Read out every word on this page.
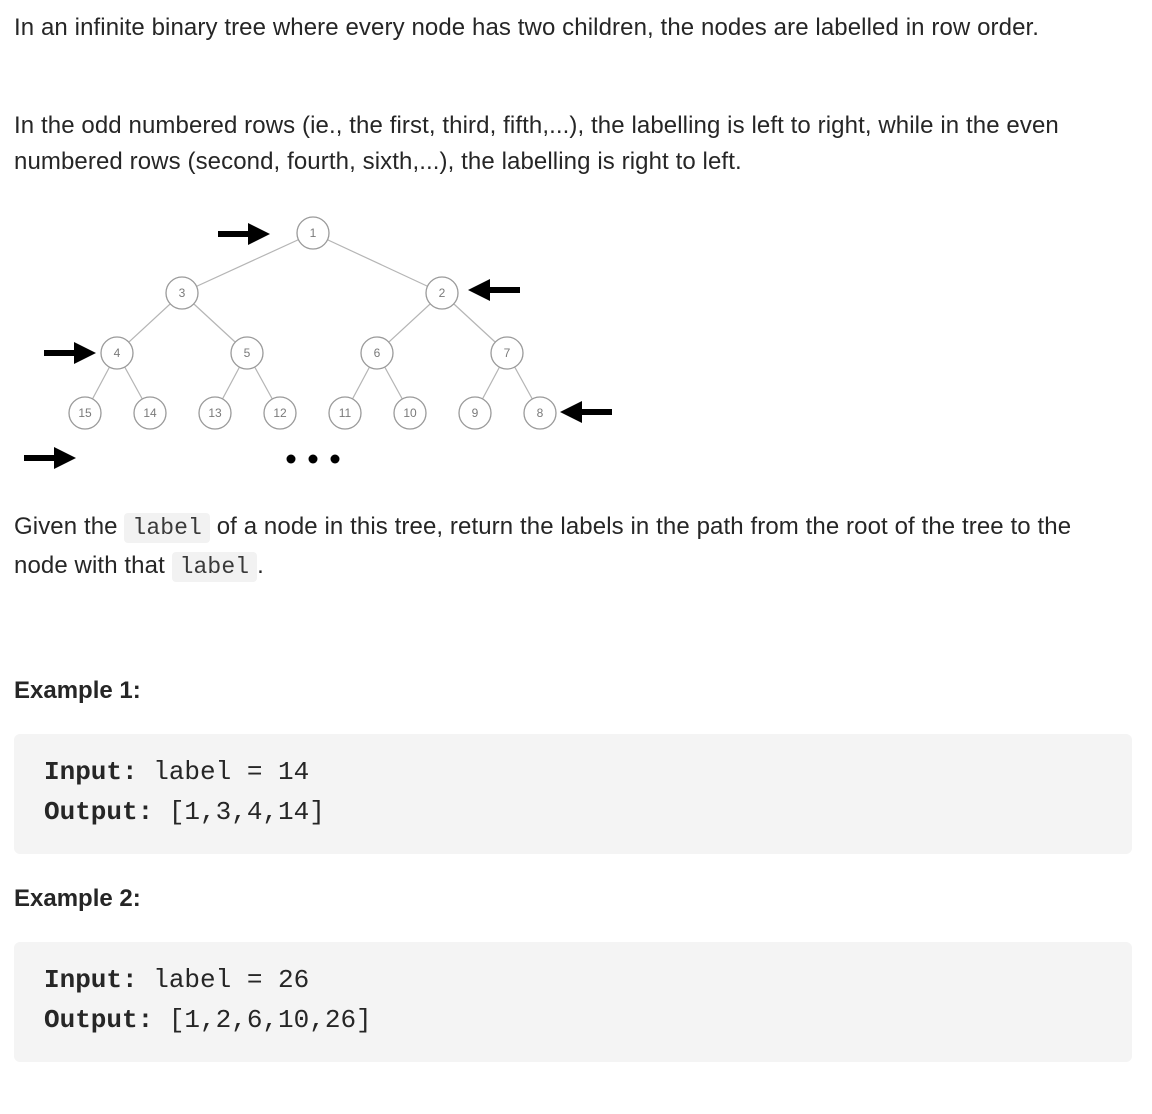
In an infinite binary tree where every node has two children, the nodes are labelled in row order.

In the odd numbered rows (ie., the first, third, fifth,...), the labelling is left to right, while in the even numbered rows (second, fourth, sixth,...), the labelling is right to left.

1
3	2
4	5	6	7
15	14	13	12	11	10	9	8

Given the label of a node in this tree, return the labels in the path from the root of the tree to the node with that label .

Example 1:
Input: label = 14
Output: [1,3,4,14]
Example 2:
Input: label = 26
Output: [1,2,6,10,26]
